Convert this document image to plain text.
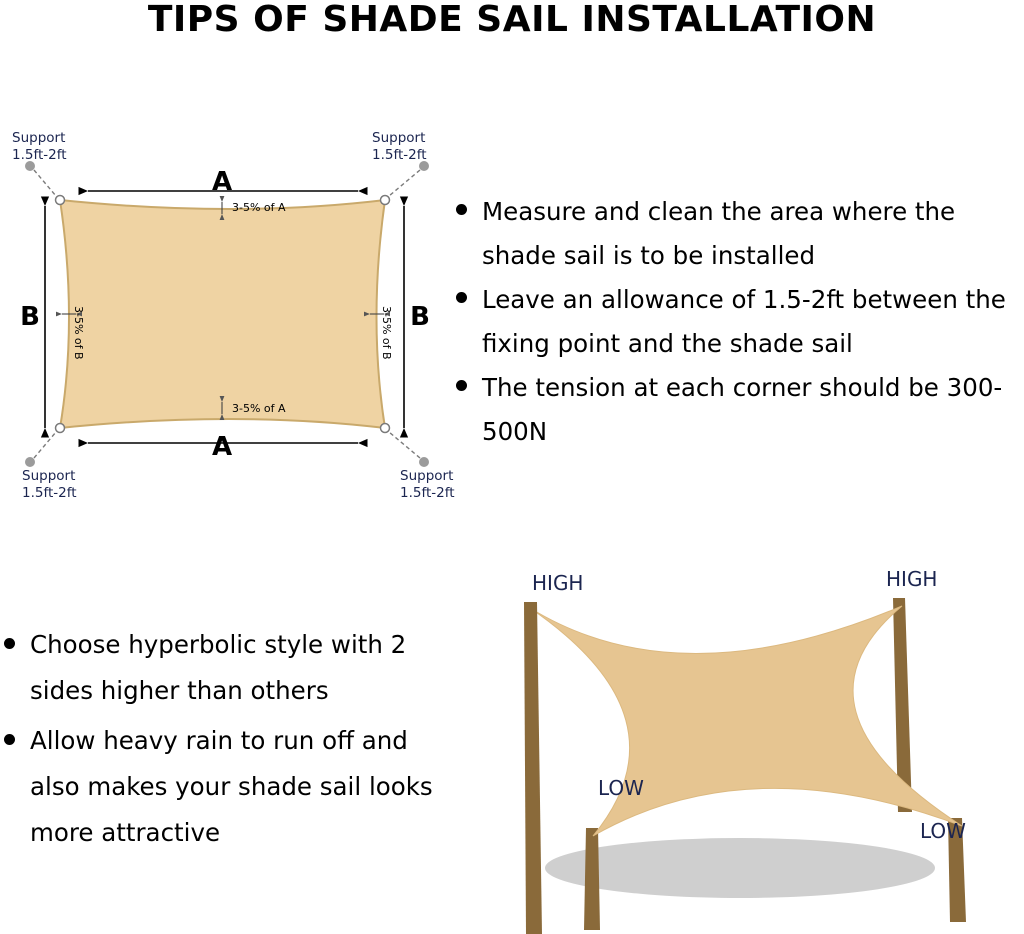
TIPS OF SHADE SAIL INSTALLATION
Support
1.5ft-2ft
Support
1.5ft-2ft
Support
1.5ft-2ft
Support
1.5ft-2ft
A
A
B	B
3-5% of A
3-5% of A
3-5% of B	3-5% of B
Measure and clean the area where the shade sail is to be installed
Leave an allowance of 1.5-2ft between the fixing point and the shade sail
The tension at each corner should be 300-500N
Choose hyperbolic style with 2 sides higher than others
Allow heavy rain to run off and also makes your shade sail looks more attractive
HIGH	HIGH
LOW
LOW
